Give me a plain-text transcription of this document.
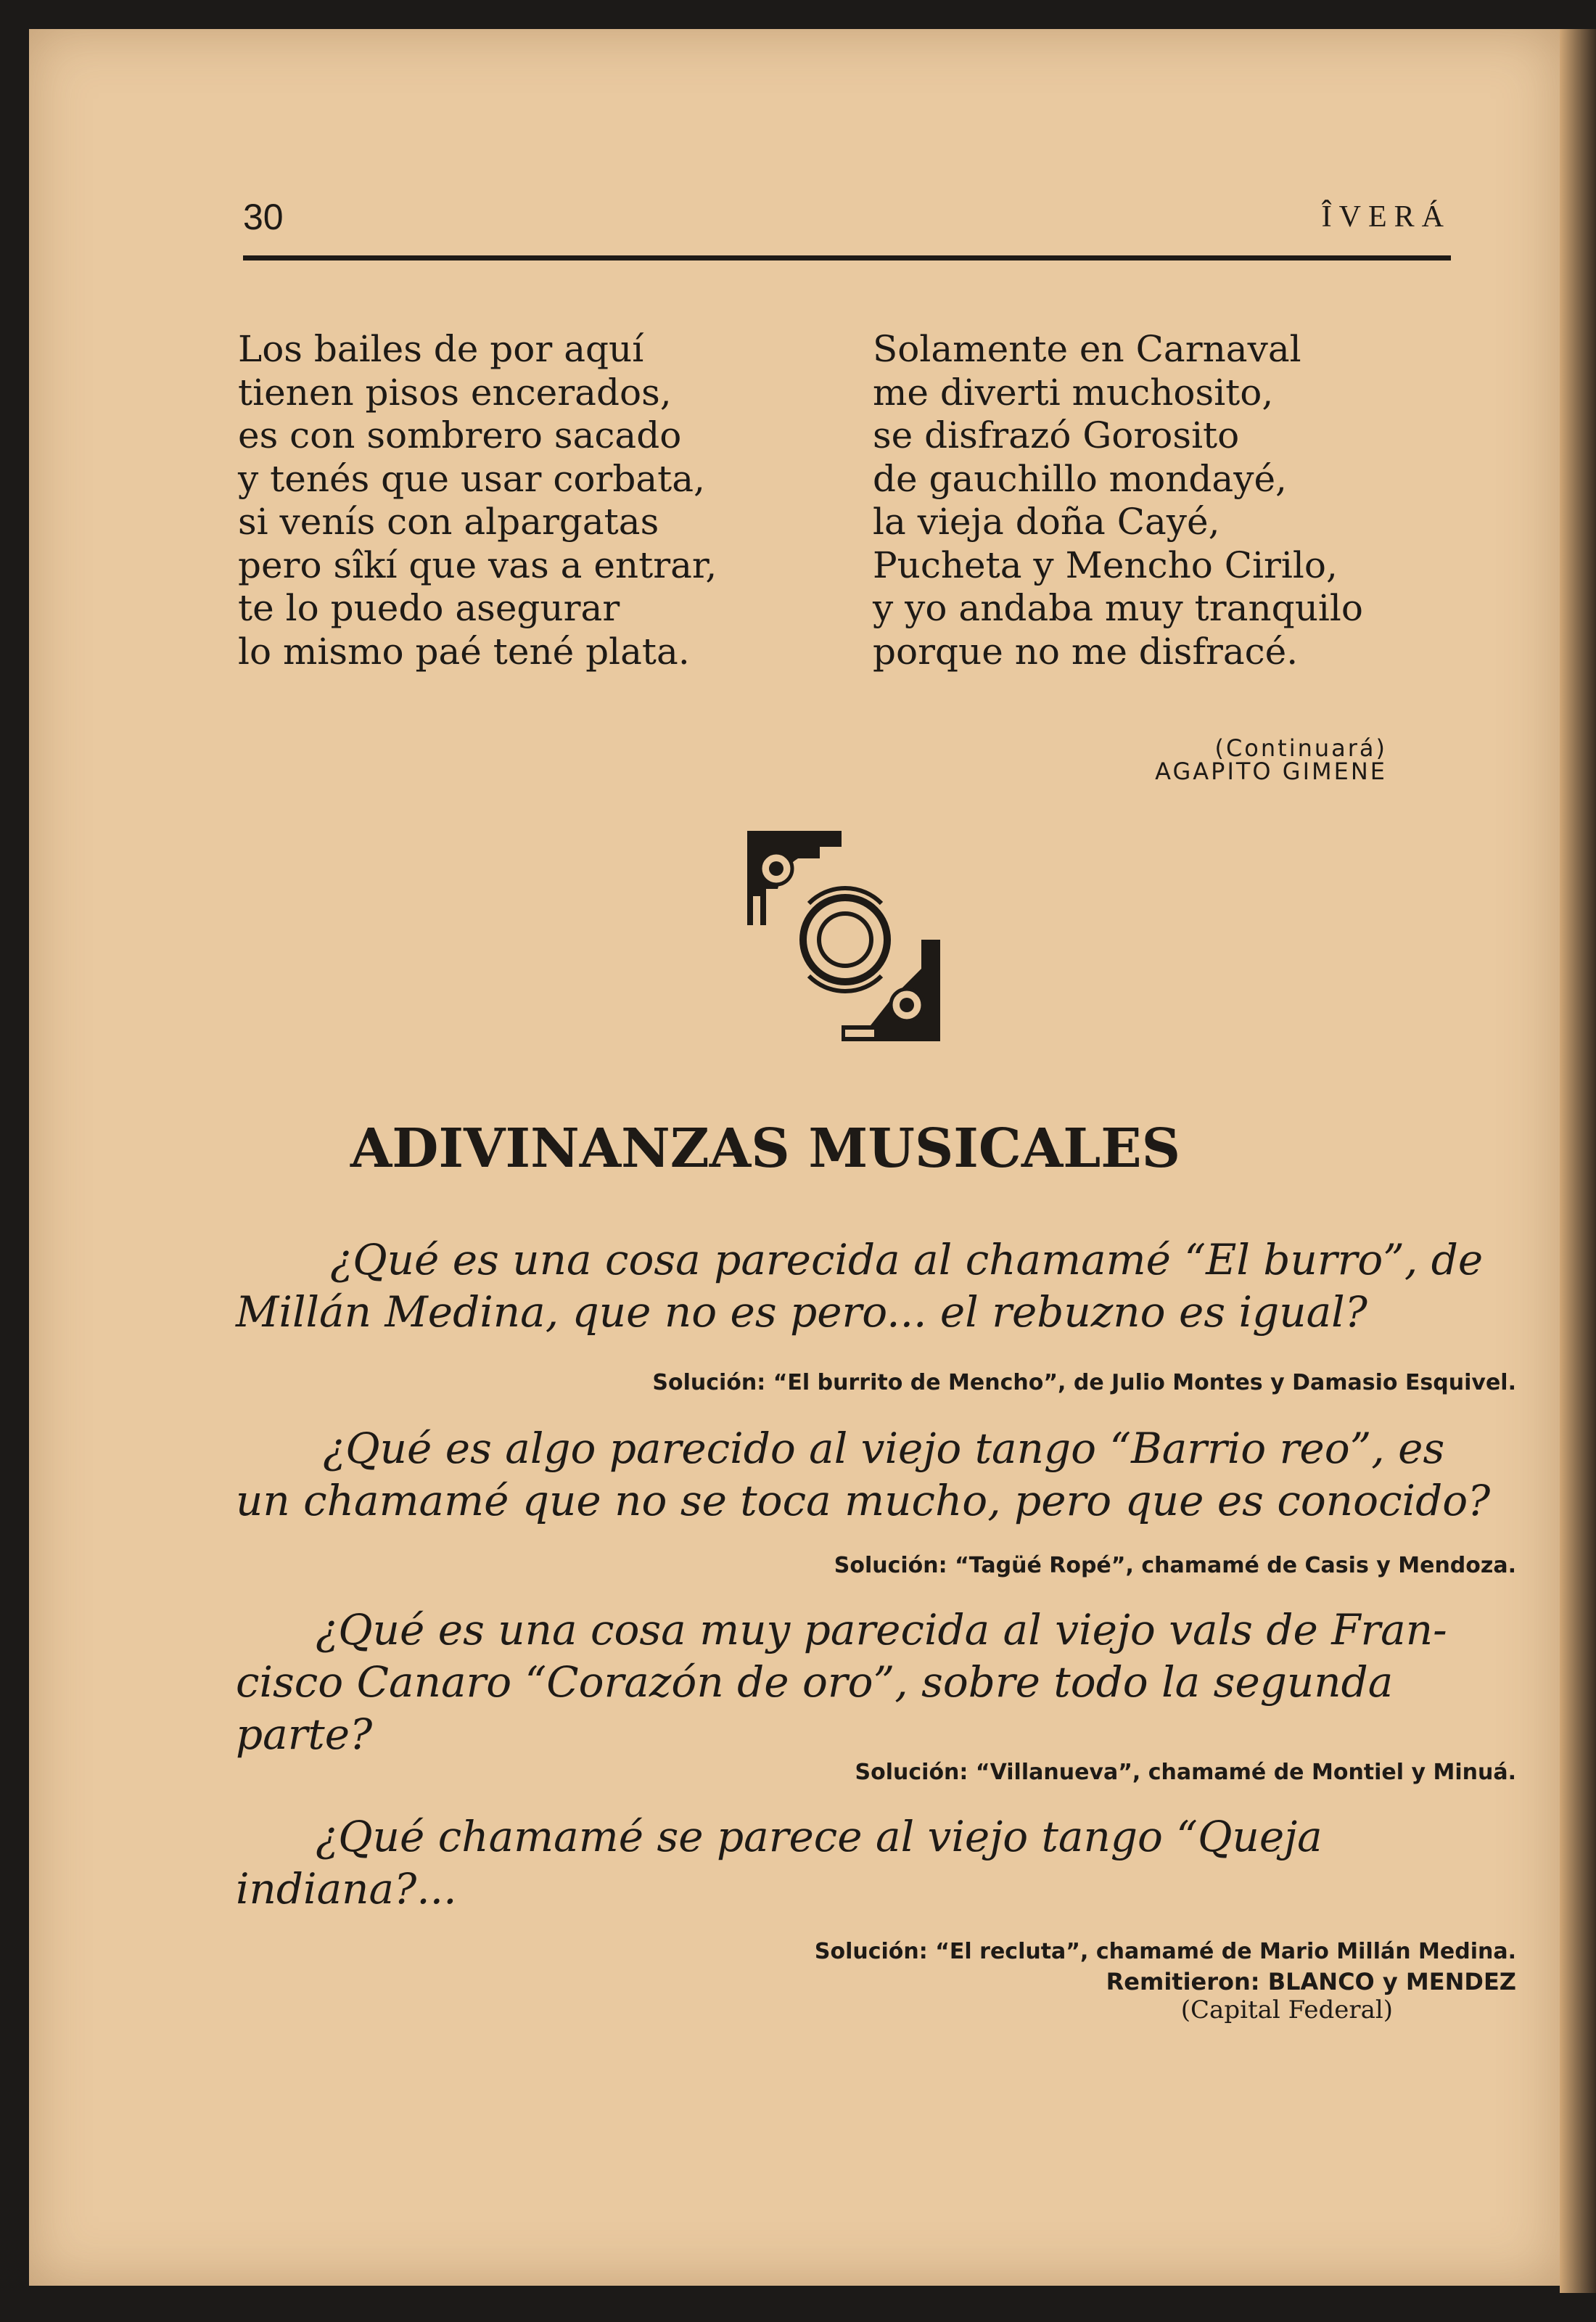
30	ÎVERÁ
Los bailes de por aquí
tienen pisos encerados,
es con sombrero sacado
y tenés que usar corbata,
si venís con alpargatas
pero sîkí que vas a entrar,
te lo puedo asegurar
lo mismo paé tené plata.
Solamente en Carnaval
me diverti muchosito,
se disfrazó Gorosito
de gauchillo mondayé,
la vieja doña Cayé,
Pucheta y Mencho Cirilo,
y yo andaba muy tranquilo
porque no me disfracé.
(Continuará)
AGAPITO GIMENE
ADIVINANZAS MUSICALES
¿Qué es una cosa parecida al chamamé “El burro”, de
Millán Medina, que no es pero... el rebuzno es igual?
Solución: “El burrito de Mencho”, de Julio Montes y Damasio Esquivel.
¿Qué es algo parecido al viejo tango “Barrio reo”, es
un chamamé que no se toca mucho, pero que es conocido?
Solución: “Tagüé Ropé”, chamamé de Casis y Mendoza.
¿Qué es una cosa muy parecida al viejo vals de Fran-
cisco Canaro “Corazón de oro”, sobre todo la segunda
parte?
Solución: “Villanueva”, chamamé de Montiel y Minuá.
¿Qué chamamé se parece al viejo tango “Queja
indiana?...
Solución: “El recluta”, chamamé de Mario Millán Medina.
Remitieron: BLANCO y MENDEZ
(Capital Federal)
